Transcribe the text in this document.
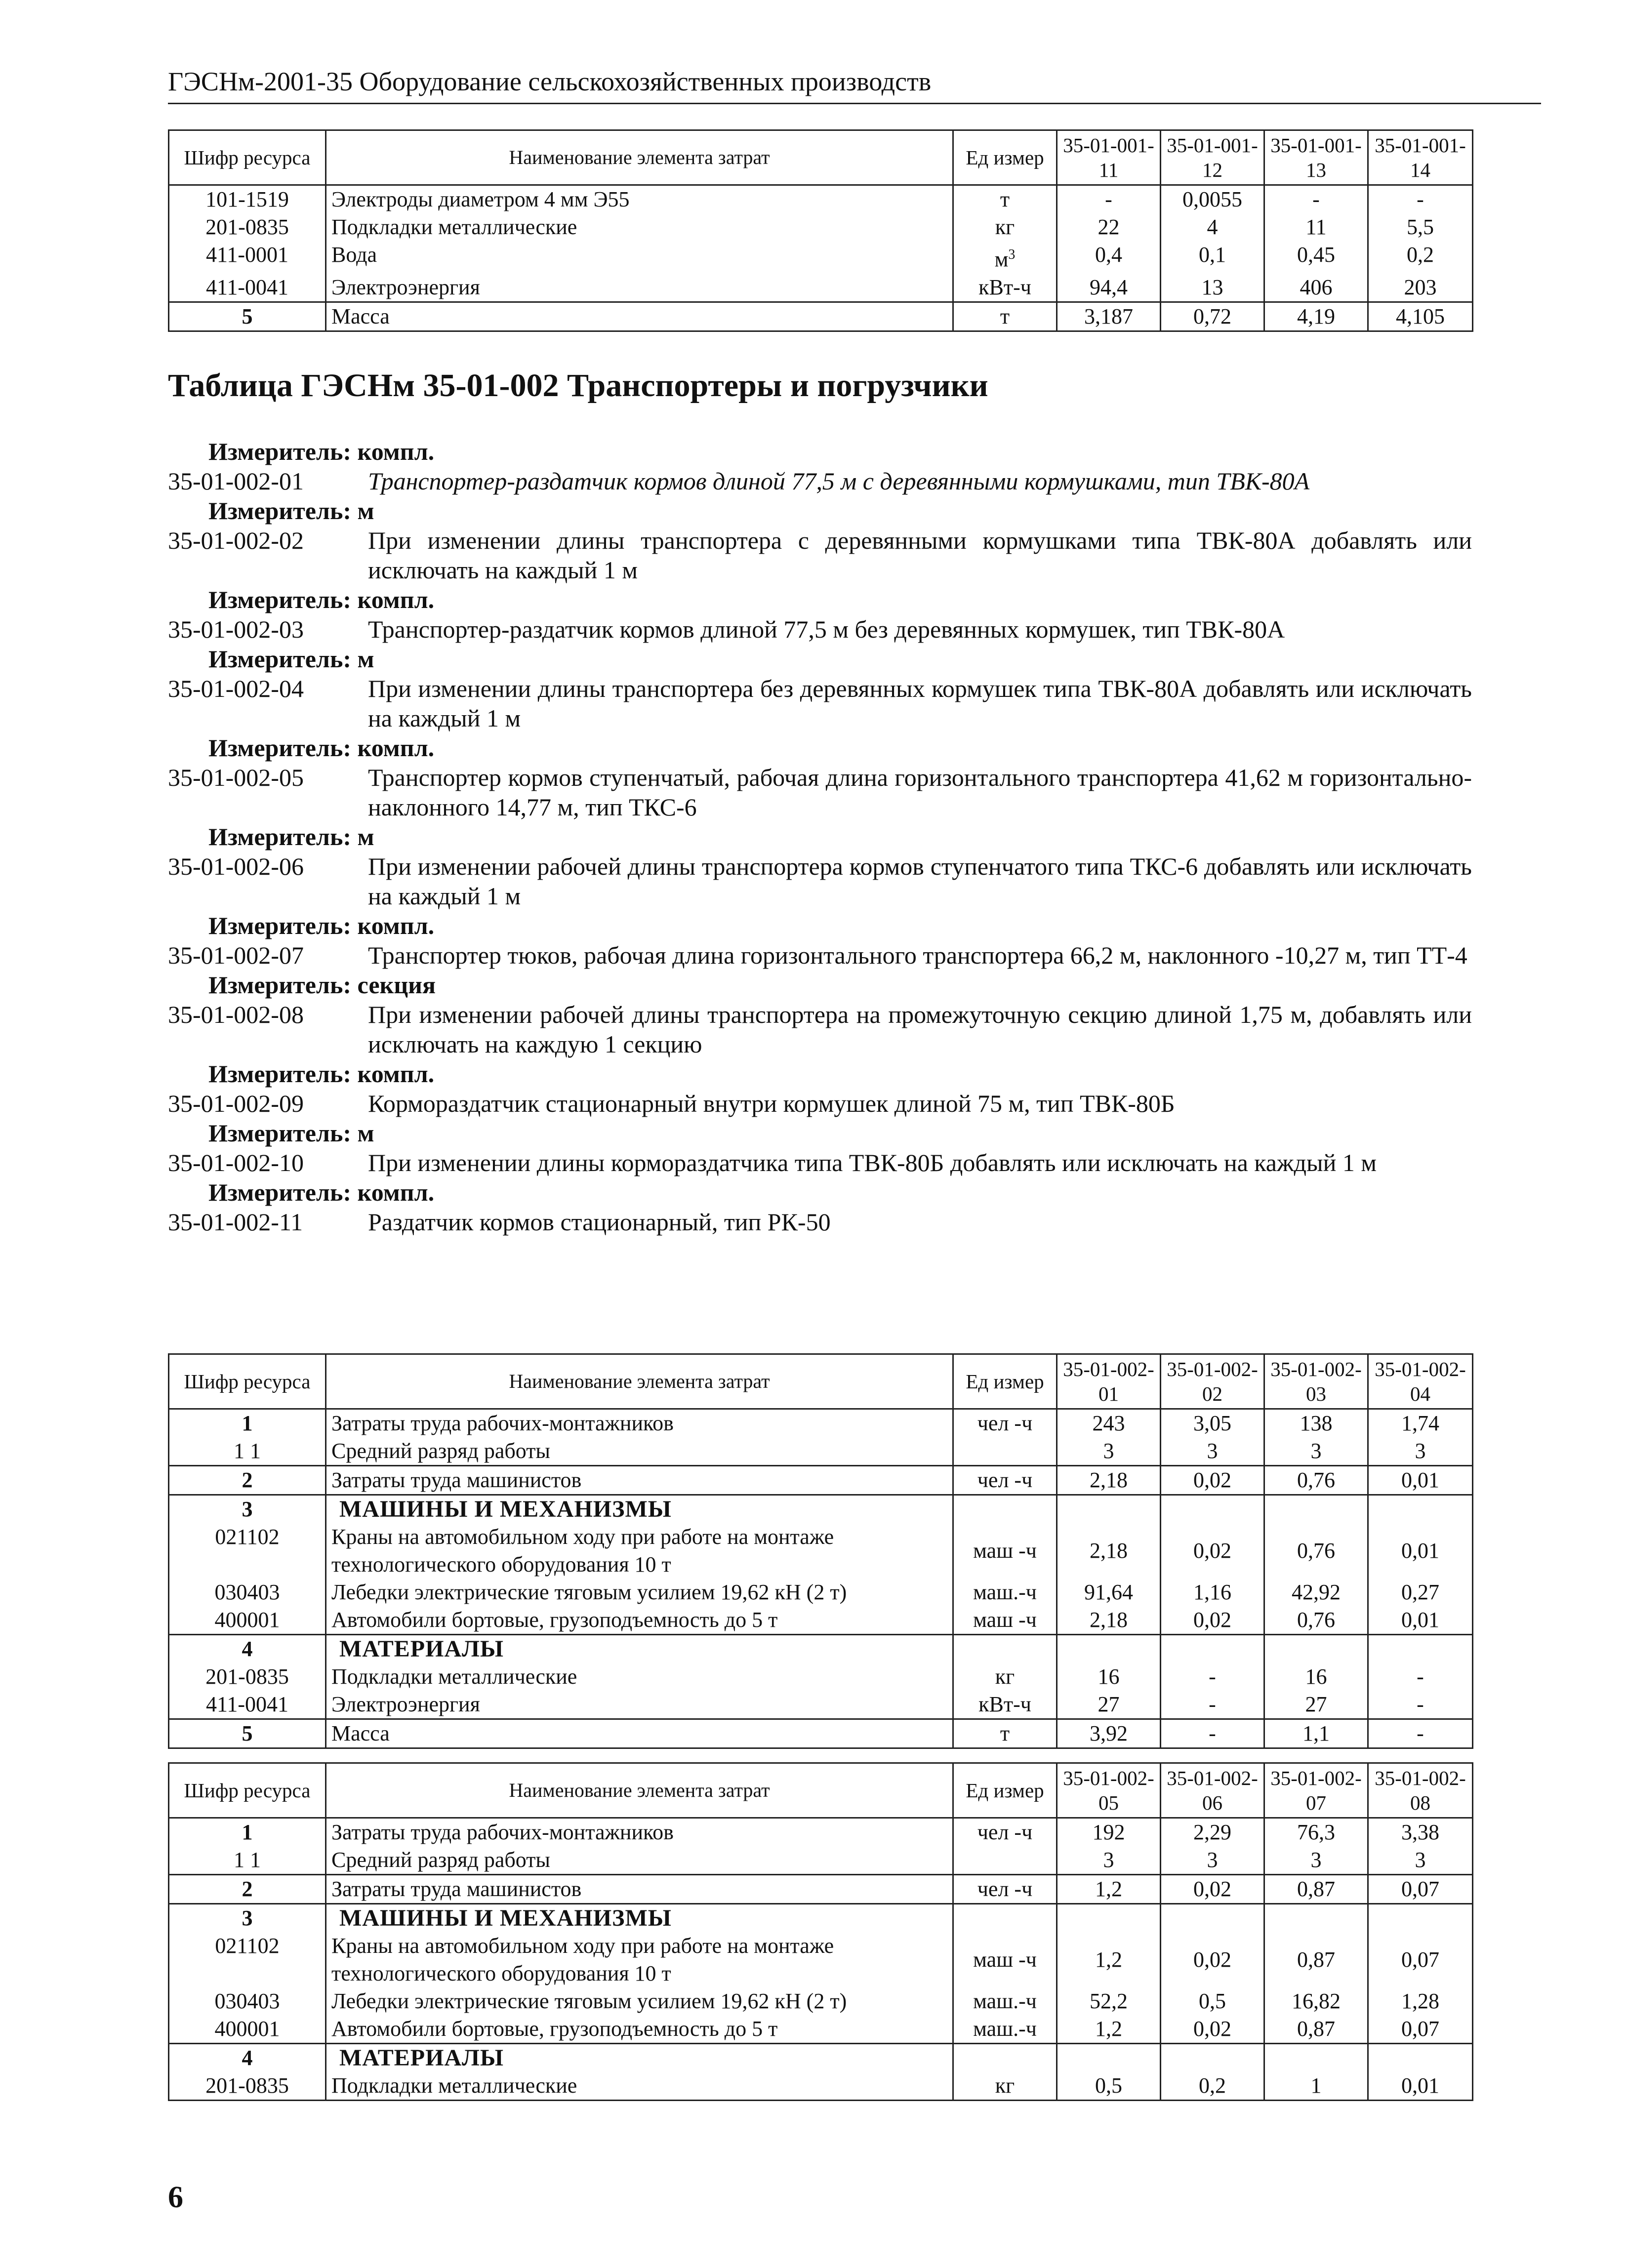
ГЭСНм-2001-35 Оборудование сельскохозяйственных производств
Шифр ресурса	Наименование элемента затрат	Ед измер	35-01-001-11	35-01-001-12	35-01-001-13	35-01-001-14
101-1519	Электроды диаметром 4 мм Э55	т	-	0,0055	-	-
201-0835	Подкладки металлические	кг	22	4	11	5,5
411-0001	Вода	$м^3$	0,4	0,1	0,45	0,2
411-0041	Электроэнергия	кВт-ч	94,4	13	406	203
5	Масса	т	3,187	0,72	4,19	4,105
Таблица ГЭСНм 35-01-002 Транспортеры и погрузчики
Измеритель: компл.
35-01-002-01	Транспортер-раздатчик кормов длиной 77,5 м с деревянными кормушками, тип ТВК-80А
Измеритель: м
35-01-002-02	При изменении длины транспортера с деревянными кормушками типа ТВК-80А добавлять или исключать на каждый 1 м
Измеритель: компл.
35-01-002-03	Транспортер-раздатчик кормов длиной 77,5 м без деревянных кормушек, тип ТВК-80А
Измеритель: м
35-01-002-04	При изменении длины транспортера без деревянных кормушек типа ТВК-80А добавлять или исключать на каждый 1 м
Измеритель: компл.
35-01-002-05	Транспортер кормов ступенчатый, рабочая длина горизонтального транспортера 41,62 м горизонтально-наклонного 14,77 м, тип ТКС-6
Измеритель: м
35-01-002-06	При изменении рабочей длины транспортера кормов ступенчатого типа ТКС-6 добавлять или исключать на каждый 1 м
Измеритель: компл.
35-01-002-07	Транспортер тюков, рабочая длина горизонтального транспортера 66,2 м, наклонного -10,27 м, тип ТТ-4
Измеритель: секция
35-01-002-08	При изменении рабочей длины транспортера на промежуточную секцию длиной 1,75 м, добавлять или исключать на каждую 1 секцию
Измеритель: компл.
35-01-002-09	Кормораздатчик стационарный внутри кормушек длиной 75 м, тип ТВК-80Б
Измеритель: м
35-01-002-10	При изменении длины кормораздатчика типа ТВК-80Б добавлять или исключать на каждый 1 м
Измеритель: компл.
35-01-002-11	Раздатчик кормов стационарный, тип РК-50
Шифр ресурса	Наименование элемента затрат	Ед измер	35-01-002-01	35-01-002-02	35-01-002-03	35-01-002-04
1	Затраты труда рабочих-монтажников	чел -ч	243	3,05	138	1,74
1 1	Средний разряд работы		3	3	3	3
2	Затраты труда машинистов	чел -ч	2,18	0,02	0,76	0,01
3	МАШИНЫ И МЕХАНИЗМЫ					
021102	Краны на автомобильном ходу при работе на монтаже технологического оборудования 10 т	маш -ч	2,18	0,02	0,76	0,01
030403	Лебедки электрические тяговым усилием 19,62 кН (2 т)	маш.-ч	91,64	1,16	42,92	0,27
400001	Автомобили бортовые, грузоподъемность до 5 т	маш -ч	2,18	0,02	0,76	0,01
4	МАТЕРИАЛЫ					
201-0835	Подкладки металлические	кг	16	-	16	-
411-0041	Электроэнергия	кВт-ч	27	-	27	-
5	Масса	т	3,92	-	1,1	-
Шифр ресурса	Наименование элемента затрат	Ед измер	35-01-002-05	35-01-002-06	35-01-002-07	35-01-002-08
1	Затраты труда рабочих-монтажников	чел -ч	192	2,29	76,3	3,38
1 1	Средний разряд работы		3	3	3	3
2	Затраты труда машинистов	чел -ч	1,2	0,02	0,87	0,07
3	МАШИНЫ И МЕХАНИЗМЫ					
021102	Краны на автомобильном ходу при работе на монтаже технологического оборудования 10 т	маш -ч	1,2	0,02	0,87	0,07
030403	Лебедки электрические тяговым усилием 19,62 кН (2 т)	маш.-ч	52,2	0,5	16,82	1,28
400001	Автомобили бортовые, грузоподъемность до 5 т	маш.-ч	1,2	0,02	0,87	0,07
4	МАТЕРИАЛЫ					
201-0835	Подкладки металлические	кг	0,5	0,2	1	0,01
6
